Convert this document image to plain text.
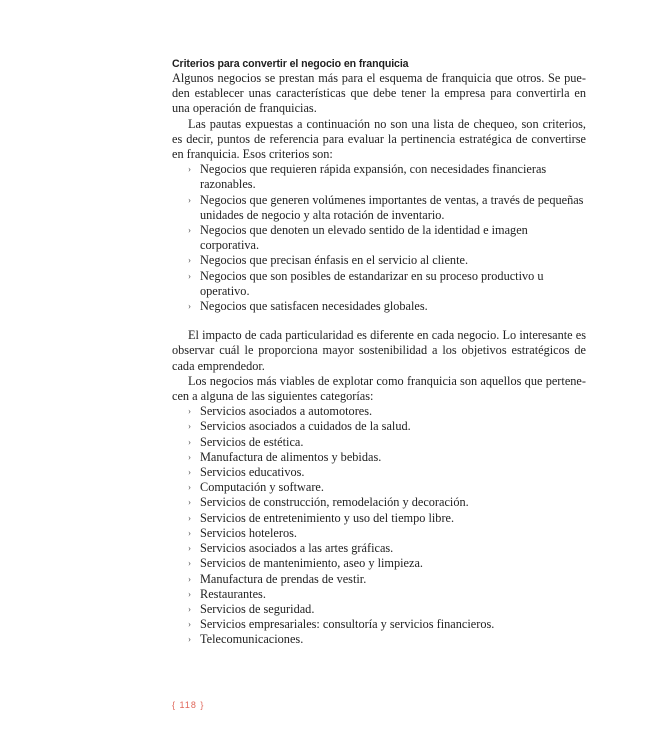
Criterios para convertir el negocio en franquicia

Algunos negocios se prestan más para el esquema de franquicia que otros. Se pueden establecer unas características que debe tener la empresa para convertirla en una operación de franquicias.

Las pautas expuestas a continuación no son una lista de chequeo, son criterios, es decir, puntos de referencia para evaluar la pertinencia estratégica de convertirse en franquicia. Esos criterios son:

› Negocios que requieren rápida expansión, con necesidades financieras razonables.
› Negocios que generen volúmenes importantes de ventas, a través de pequeñas unidades de negocio y alta rotación de inventario.
› Negocios que denoten un elevado sentido de la identidad e imagen corporativa.
› Negocios que precisan énfasis en el servicio al cliente.
› Negocios que son posibles de estandarizar en su proceso productivo u operativo.
› Negocios que satisfacen necesidades globales.

El impacto de cada particularidad es diferente en cada negocio. Lo interesante es observar cuál le proporciona mayor sostenibilidad a los objetivos estratégicos de cada emprendedor.

Los negocios más viables de explotar como franquicia son aquellos que pertenecen a alguna de las siguientes categorías:

› Servicios asociados a automotores.
› Servicios asociados a cuidados de la salud.
› Servicios de estética.
› Manufactura de alimentos y bebidas.
› Servicios educativos.
› Computación y software.
› Servicios de construcción, remodelación y decoración.
› Servicios de entretenimiento y uso del tiempo libre.
› Servicios hoteleros.
› Servicios asociados a las artes gráficas.
› Servicios de mantenimiento, aseo y limpieza.
› Manufactura de prendas de vestir.
› Restaurantes.
› Servicios de seguridad.
› Servicios empresariales: consultoría y servicios financieros.
› Telecomunicaciones.
{ 118 }
